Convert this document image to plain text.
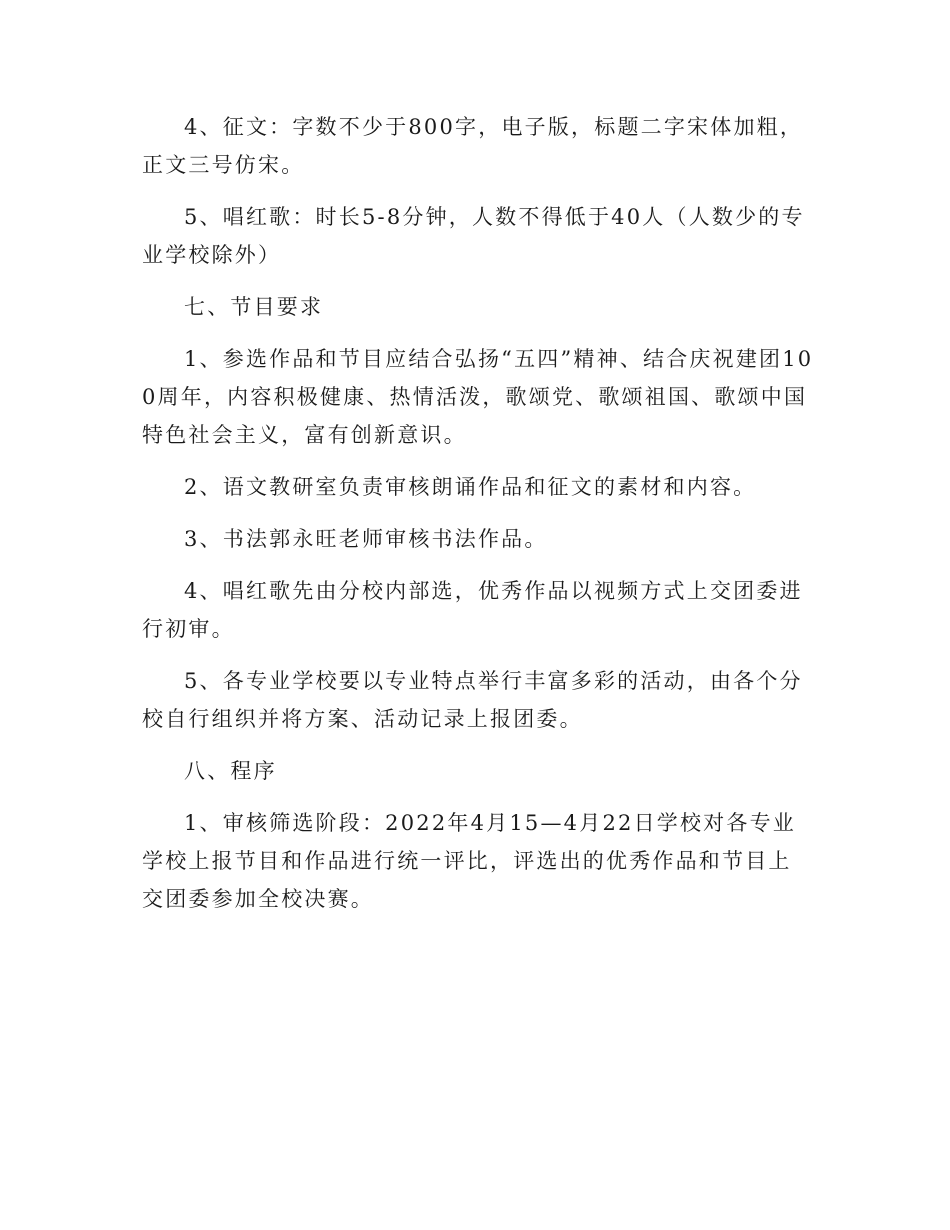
4、征文：字数不少于800字，电子版，标题二字宋体加粗，正文三号仿宋。

5、唱红歌：时长5-8分钟，人数不得低于40人（人数少的专业学校除外）

七、节目要求

1、参选作品和节目应结合弘扬“五四”精神、结合庆祝建团100周年，内容积极健康、热情活泼，歌颂党、歌颂祖国、歌颂中国特色社会主义，富有创新意识。

2、语文教研室负责审核朗诵作品和征文的素材和内容。

3、书法郭永旺老师审核书法作品。

4、唱红歌先由分校内部选，优秀作品以视频方式上交团委进行初审。

5、各专业学校要以专业特点举行丰富多彩的活动，由各个分校自行组织并将方案、活动记录上报团委。

八、程序

1、审核筛选阶段：2022年4月15—4月22日学校对各专业学校上报节目和作品进行统一评比，评选出的优秀作品和节目上交团委参加全校决赛。
